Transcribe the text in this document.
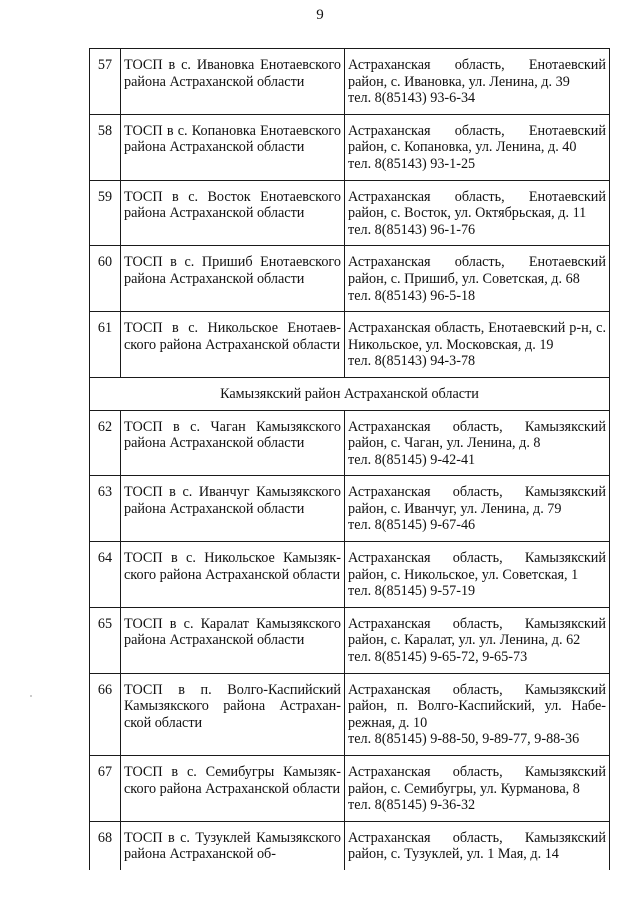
9
57	ТОСП в с. Ивановка Енотаевского района Астраханской области	Астраханская область, Енотаевский район, с. Ивановка, ул. Ленина, д. 39
тел. 8(85143) 93-6-34

58	ТОСП в с. Копановка Енотаевского района Астраханской области	Астраханская область, Енотаевский район, с. Копановка, ул. Ленина, д. 40
тел. 8(85143) 93-1-25

59	ТОСП в с. Восток Енотаевского района Астраханской области	Астраханская область, Енотаевский район, с. Восток, ул. Октябрьская, д. 11
тел. 8(85143) 96-1-76

60	ТОСП в с. Пришиб Енотаевского района Астраханской области	Астраханская область, Енотаевский район, с. Пришиб, ул. Советская, д. 68
тел. 8(85143) 96-5-18

61	ТОСП в с. Никольское Енотаевского района Астраханской области	Астраханская область, Енотаевский р-н, с. Никольское, ул. Московская, д. 19
тел. 8(85143) 94-3-78

Камызякский район Астраханской области		
62	ТОСП в с. Чаган Камызякского района Астраханской области	Астраханская область, Камызякский район, с. Чаган, ул. Ленина, д. 8
тел. 8(85145) 9-42-41

63	ТОСП в с. Иванчуг Камызякского района Астраханской области	Астраханская область, Камызякский район, с. Иванчуг, ул. Ленина, д. 79
тел. 8(85145) 9-67-46

64	ТОСП в с. Никольское Камызякского района Астраханской области	Астраханская область, Камызякский район, с. Никольское, ул. Советская, 1
тел. 8(85145) 9-57-19

65	ТОСП в с. Каралат Камызякского района Астраханской области	Астраханская область, Камызякский район, с. Каралат, ул. ул. Ленина, д. 62
тел. 8(85145) 9-65-72, 9-65-73

66	ТОСП в п. Волго-Каспийский Камызякского района Астраханской области	Астраханская область, Камызякский район, п. Волго-Каспийский, ул. Набережная, д. 10
тел. 8(85145) 9-88-50, 9-89-77, 9-88-36

67	ТОСП в с. Семибугры Камызякского района Астраханской области	Астраханская область, Камызякский район, с. Семибугры, ул. Курманова, 8
тел. 8(85145) 9-36-32

68	ТОСП в с. Тузуклей Камызякского района Астраханской об-	Астраханская область, Камызякский район, с. Тузуклей, ул. 1 Мая, д. 14
